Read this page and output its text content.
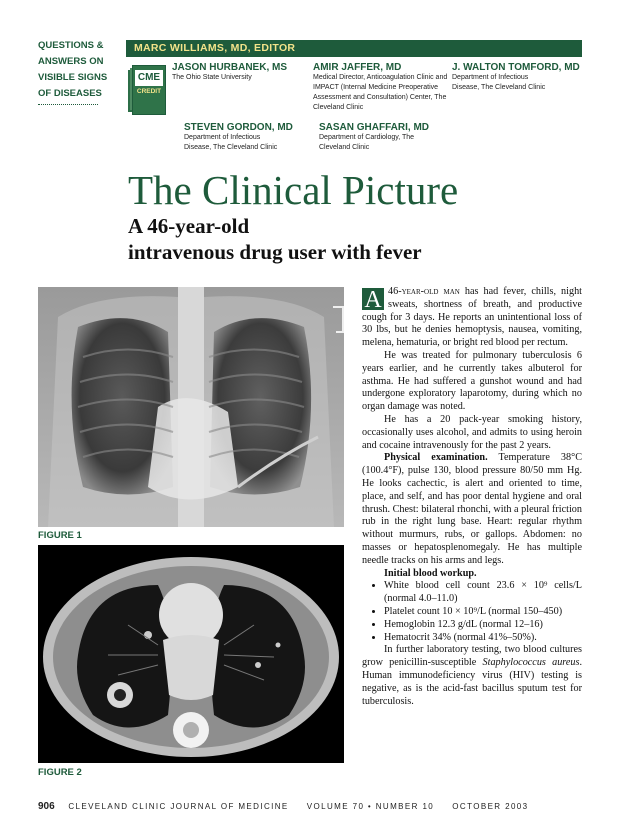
QUESTIONS &
ANSWERS ON
VISIBLE SIGNS
OF DISEASES
MARC WILLIAMS, MD, EDITOR
CME
CREDIT
JASON HURBANEK, MS
The Ohio State University
AMIR JAFFER, MD
Medical Director, Anticoagulation Clinic and IMPACT (Internal Medicine Preoperative Assessment and Consultation) Center, The Cleveland Clinic
J. WALTON TOMFORD, MD
Department of Infectious Disease, The Cleveland Clinic
STEVEN GORDON, MD
Department of Infectious Disease, The Cleveland Clinic
SASAN GHAFFARI, MD
Department of Cardiology, The Cleveland Clinic
The Clinical Picture
A 46-year-old
intravenous drug user with fever
FIGURE 1
FIGURE 2

A 46-year-old man has had fever, chills, night sweats, shortness of breath, and productive cough for 3 days. He reports an unintentional loss of 30 lbs, but he denies hemoptysis, nausea, vomiting, melena, hematuria, or bright red blood per rectum.

He was treated for pulmonary tuberculosis 6 years earlier, and he currently takes albuterol for asthma. He had suffered a gunshot wound and had undergone exploratory laparotomy, during which no organ damage was noted.

He has a 20 pack-year smoking history, occasionally uses alcohol, and admits to using heroin and cocaine intravenously for the past 2 years.

Physical examination. Temperature 38°C (100.4°F), pulse 130, blood pressure 80/50 mm Hg. He looks cachectic, is alert and oriented to time, place, and self, and has poor dental hygiene and oral thrush. Chest: bilateral rhonchi, with a pleural friction rub in the right lung base. Heart: regular rhythm without murmurs, rubs, or gallops. Abdomen: no masses or hepatosplenomegaly. He has multiple needle tracks on his arms and legs.

Initial blood workup.

• White blood cell count 23.6 × 10⁹ cells/L (normal 4.0–11.0)
• Platelet count 10 × 10⁹/L (normal 150–450)
• Hemoglobin 12.3 g/dL (normal 12–16)
• Hematocrit 34% (normal 41%–50%).

In further laboratory testing, two blood cultures grow penicillin-susceptible Staphylococcus aureus. Human immunodeficiency virus (HIV) testing is negative, as is the acid-fast bacillus sputum test for tuberculosis.

906 CLEVELAND CLINIC JOURNAL OF MEDICINE VOLUME 70 • NUMBER 10 OCTOBER 2003
